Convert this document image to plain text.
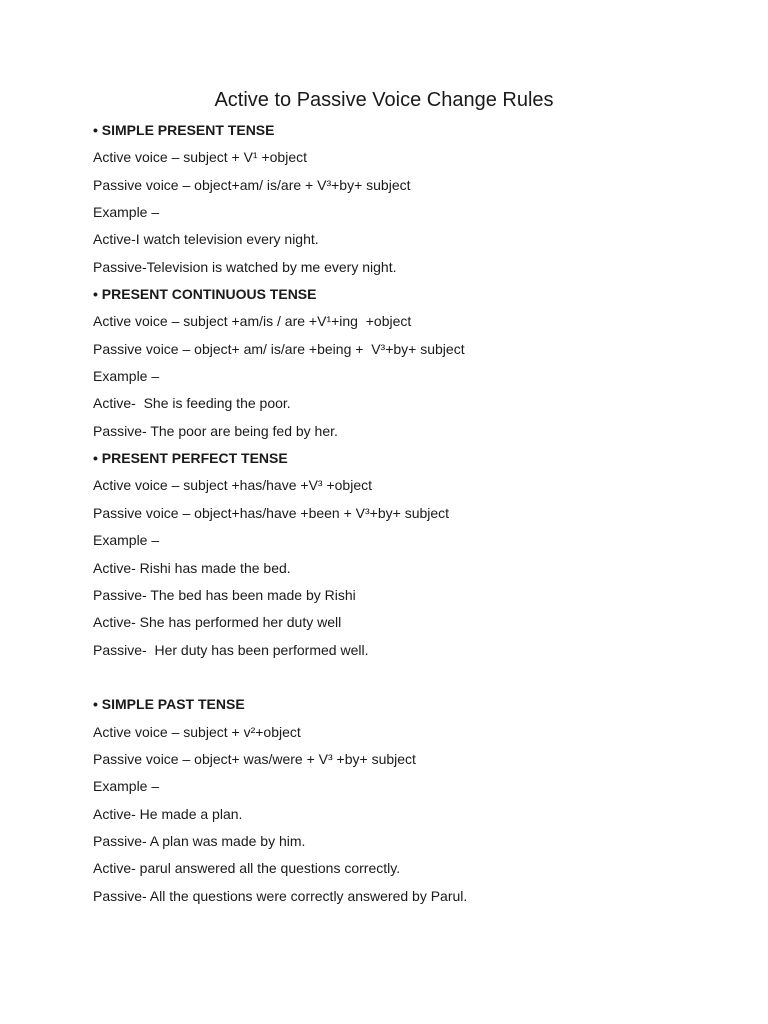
Active to Passive Voice Change Rules
• SIMPLE PRESENT TENSE
Active voice – subject + V¹ +object
Passive voice – object+am/ is/are + V³+by+ subject
Example –
Active-I watch television every night.
Passive-Television is watched by me every night.
• PRESENT CONTINUOUS TENSE
Active voice – subject +am/is / are +V¹+ing  +object
Passive voice – object+ am/ is/are +being +  V³+by+ subject
Example –
Active-  She is feeding the poor.
Passive- The poor are being fed by her.
• PRESENT PERFECT TENSE
Active voice – subject +has/have +V³ +object
Passive voice – object+has/have +been + V³+by+ subject
Example –
Active- Rishi has made the bed.
Passive- The bed has been made by Rishi
Active- She has performed her duty well
Passive-  Her duty has been performed well.
• SIMPLE PAST TENSE
Active voice – subject + v²+object
Passive voice – object+ was/were + V³ +by+ subject
Example –
Active- He made a plan.
Passive- A plan was made by him.
Active- parul answered all the questions correctly.
Passive- All the questions were correctly answered by Parul.
